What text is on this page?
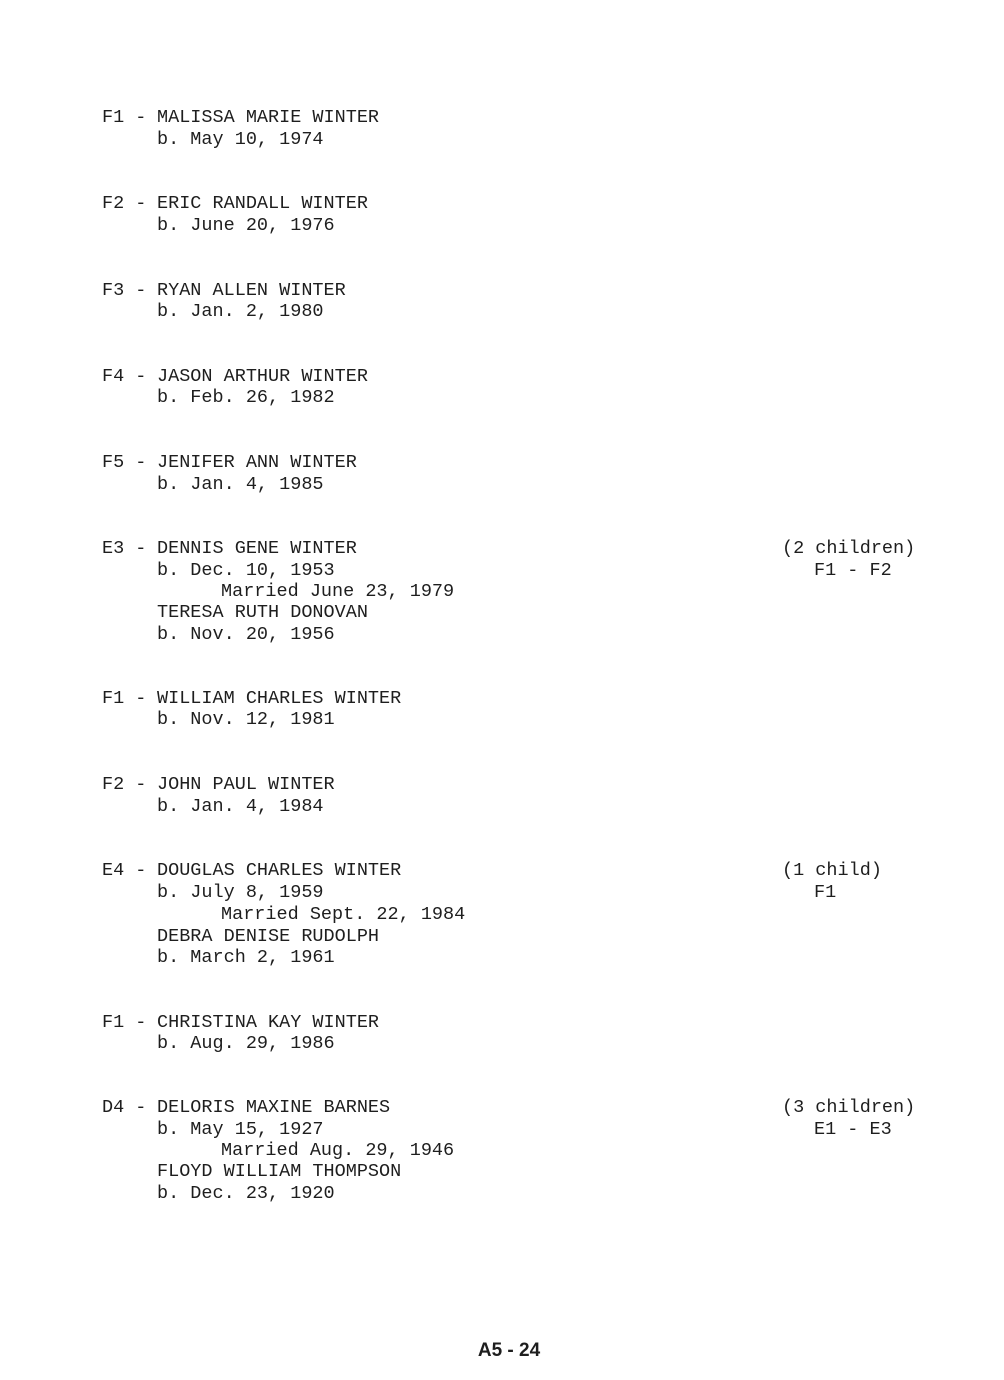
F1 - MALISSA MARIE WINTER
b. May 10, 1974
F2 - ERIC RANDALL WINTER
b. June 20, 1976
F3 - RYAN ALLEN WINTER
b. Jan. 2, 1980
F4 - JASON ARTHUR WINTER
b. Feb. 26, 1982
F5 - JENIFER ANN WINTER
b. Jan. 4, 1985
E3 - DENNIS GENE WINTER
b. Dec. 10, 1953
Married June 23, 1979
TERESA RUTH DONOVAN
b. Nov. 20, 1956
(2 children)
F1 - F2
F1 - WILLIAM CHARLES WINTER
b. Nov. 12, 1981
F2 - JOHN PAUL WINTER
b. Jan. 4, 1984
E4 - DOUGLAS CHARLES WINTER
b. July 8, 1959
Married Sept. 22, 1984
DEBRA DENISE RUDOLPH
b. March 2, 1961
(1 child)
F1
F1 - CHRISTINA KAY WINTER
b. Aug. 29, 1986
D4 - DELORIS MAXINE BARNES
b. May 15, 1927
Married Aug. 29, 1946
FLOYD WILLIAM THOMPSON
b. Dec. 23, 1920
(3 children)
E1 - E3
A5 - 24
